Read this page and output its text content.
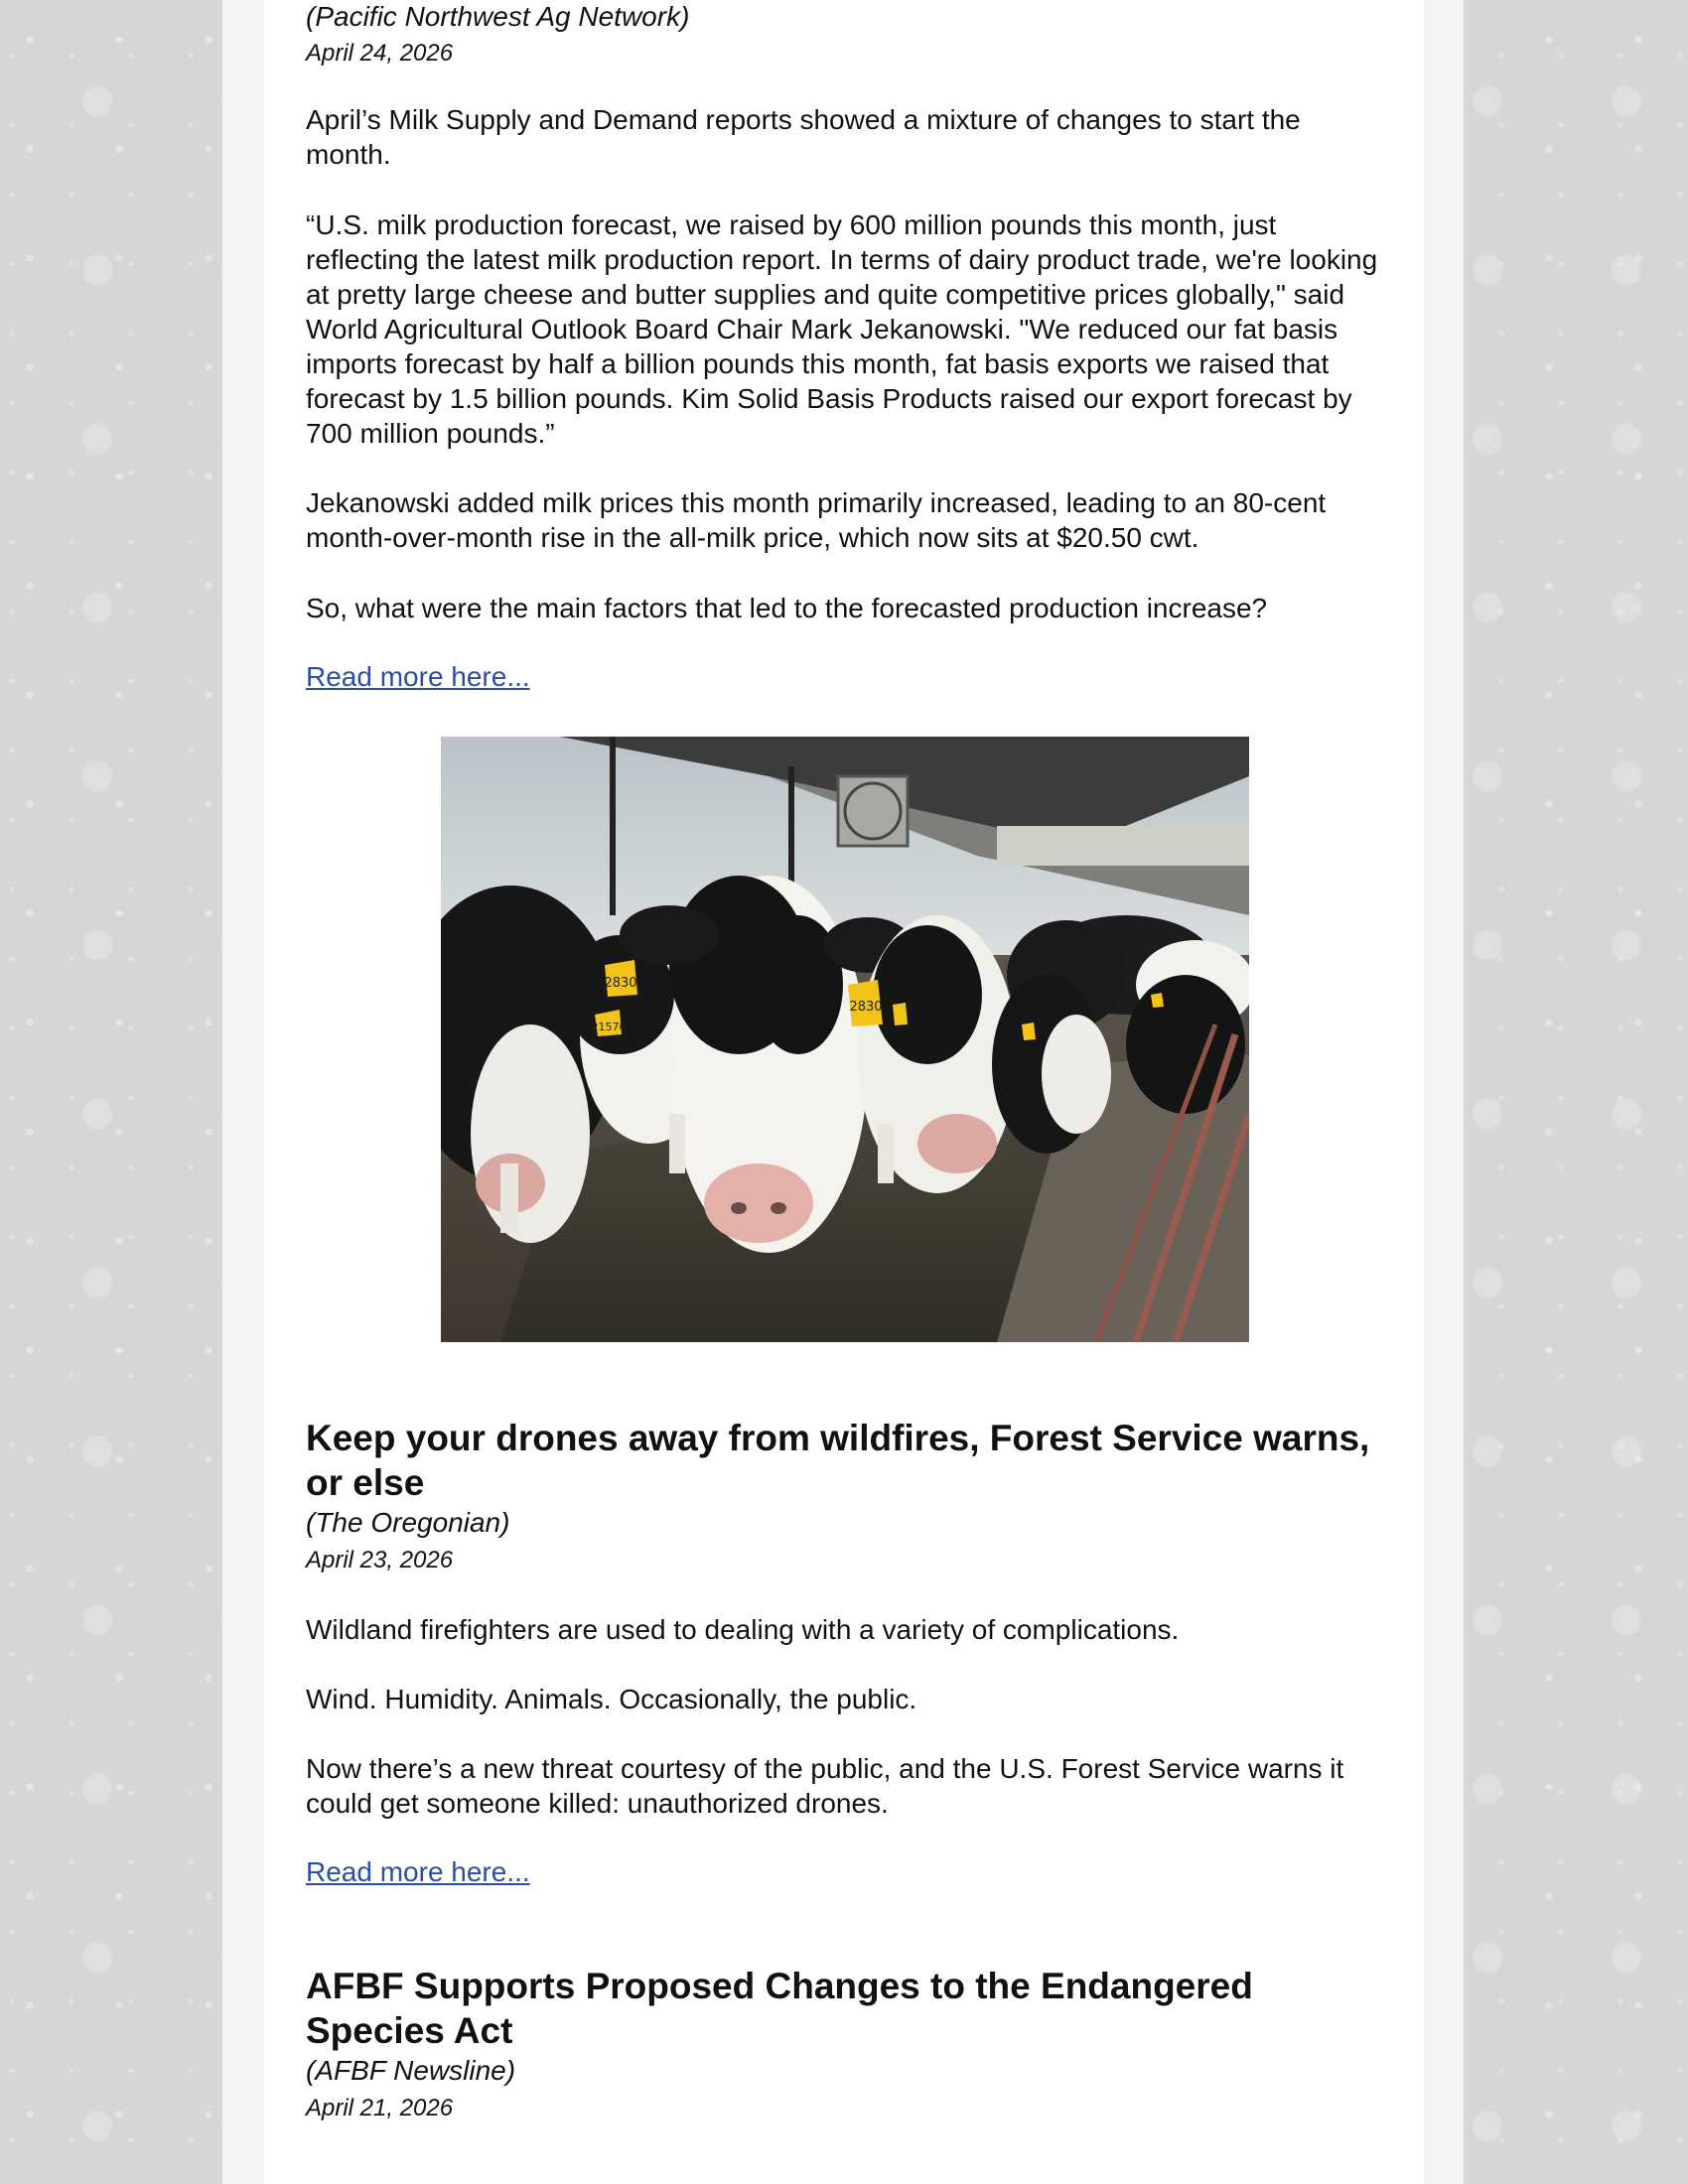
(Pacific Northwest Ag Network)

April 24, 2026

April’s Milk Supply and Demand reports showed a mixture of changes to start the month.

“U.S. milk production forecast, we raised by 600 million pounds this month, just reflecting the latest milk production report. In terms of dairy product trade, we're looking at pretty large cheese and butter supplies and quite competitive prices globally," said World Agricultural Outlook Board Chair Mark Jekanowski. "We reduced our fat basis imports forecast by half a billion pounds this month, fat basis exports we raised that forecast by 1.5 billion pounds. Kim Solid Basis Products raised our export forecast by 700 million pounds.”

Jekanowski added milk prices this month primarily increased, leading to an 80-cent month-over-month rise in the all-milk price, which now sits at $20.50 cwt.

So, what were the main factors that led to the forecasted production increase?

Read more here...
Keep your drones away from wildfires, Forest Service warns, or else

(The Oregonian)

April 23, 2026

Wildland firefighters are used to dealing with a variety of complications.

Wind. Humidity. Animals. Occasionally, the public.

Now there’s a new threat courtesy of the public, and the U.S. Forest Service warns it could get someone killed: unauthorized drones.

Read more here...
AFBF Supports Proposed Changes to the Endangered Species Act

(AFBF Newsline)

April 21, 2026

2830
21570
2830
